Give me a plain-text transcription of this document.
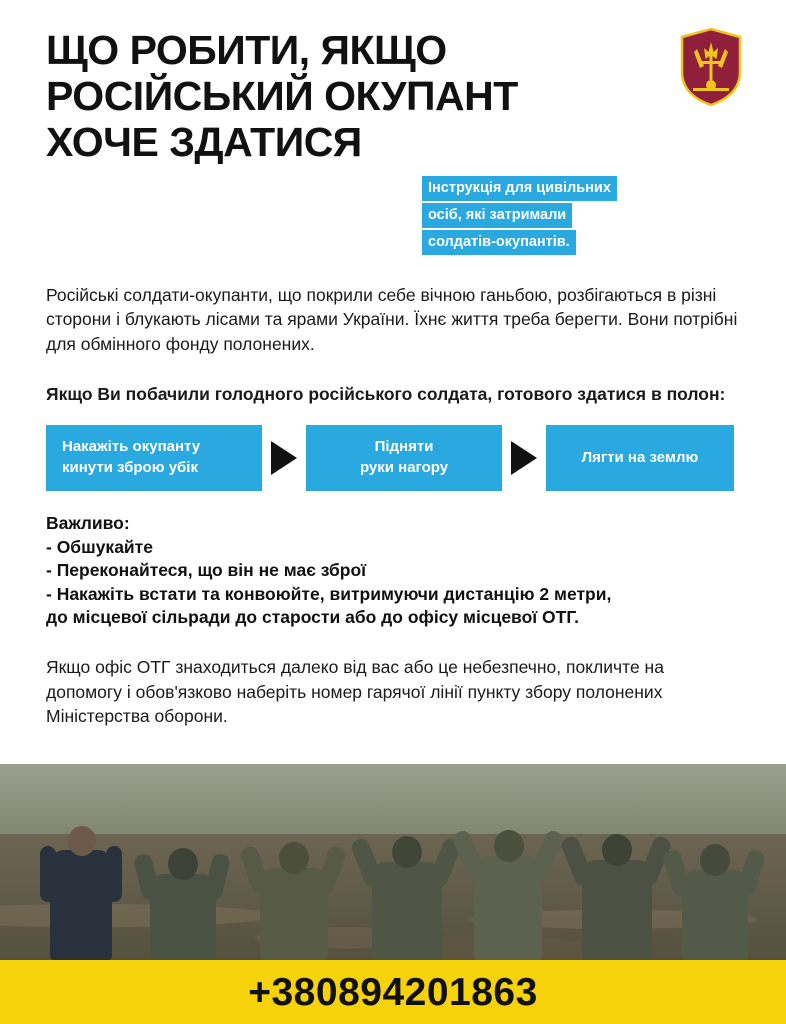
ЩО РОБИТИ, ЯКЩО
РОСІЙСЬКИЙ ОКУПАНТ
ХОЧЕ ЗДАТИСЯ
Інструкція для цивільних
осіб, які затримали
солдатів-окупантів.

Російські солдати-окупанти, що покрили себе вічною ганьбою, розбігаються в різні сторони і блукають лісами та ярами України. Їхнє життя треба берегти. Вони потрібні для обмінного фонду полонених.

Якщо Ви побачили голодного російського солдата, готового здатися в полон:

Накажіть окупанту
кинути зброю убік
Підняти
руки нагору
Лягти на землю

Важливо:

- Обшукайте

- Переконайтеся, що він не має зброї

- Накажіть встати та конвоюйте, витримуючи дистанцію 2 метри,

до місцевої сільради до старости або до офісу місцевої ОТГ.

Якщо офіс ОТГ знаходиться далеко від вас або це небезпечно, покличте на допомогу і обов'язково наберіть номер гарячої лінії пункту збору полонених Міністерства оборони.

+380894201863
